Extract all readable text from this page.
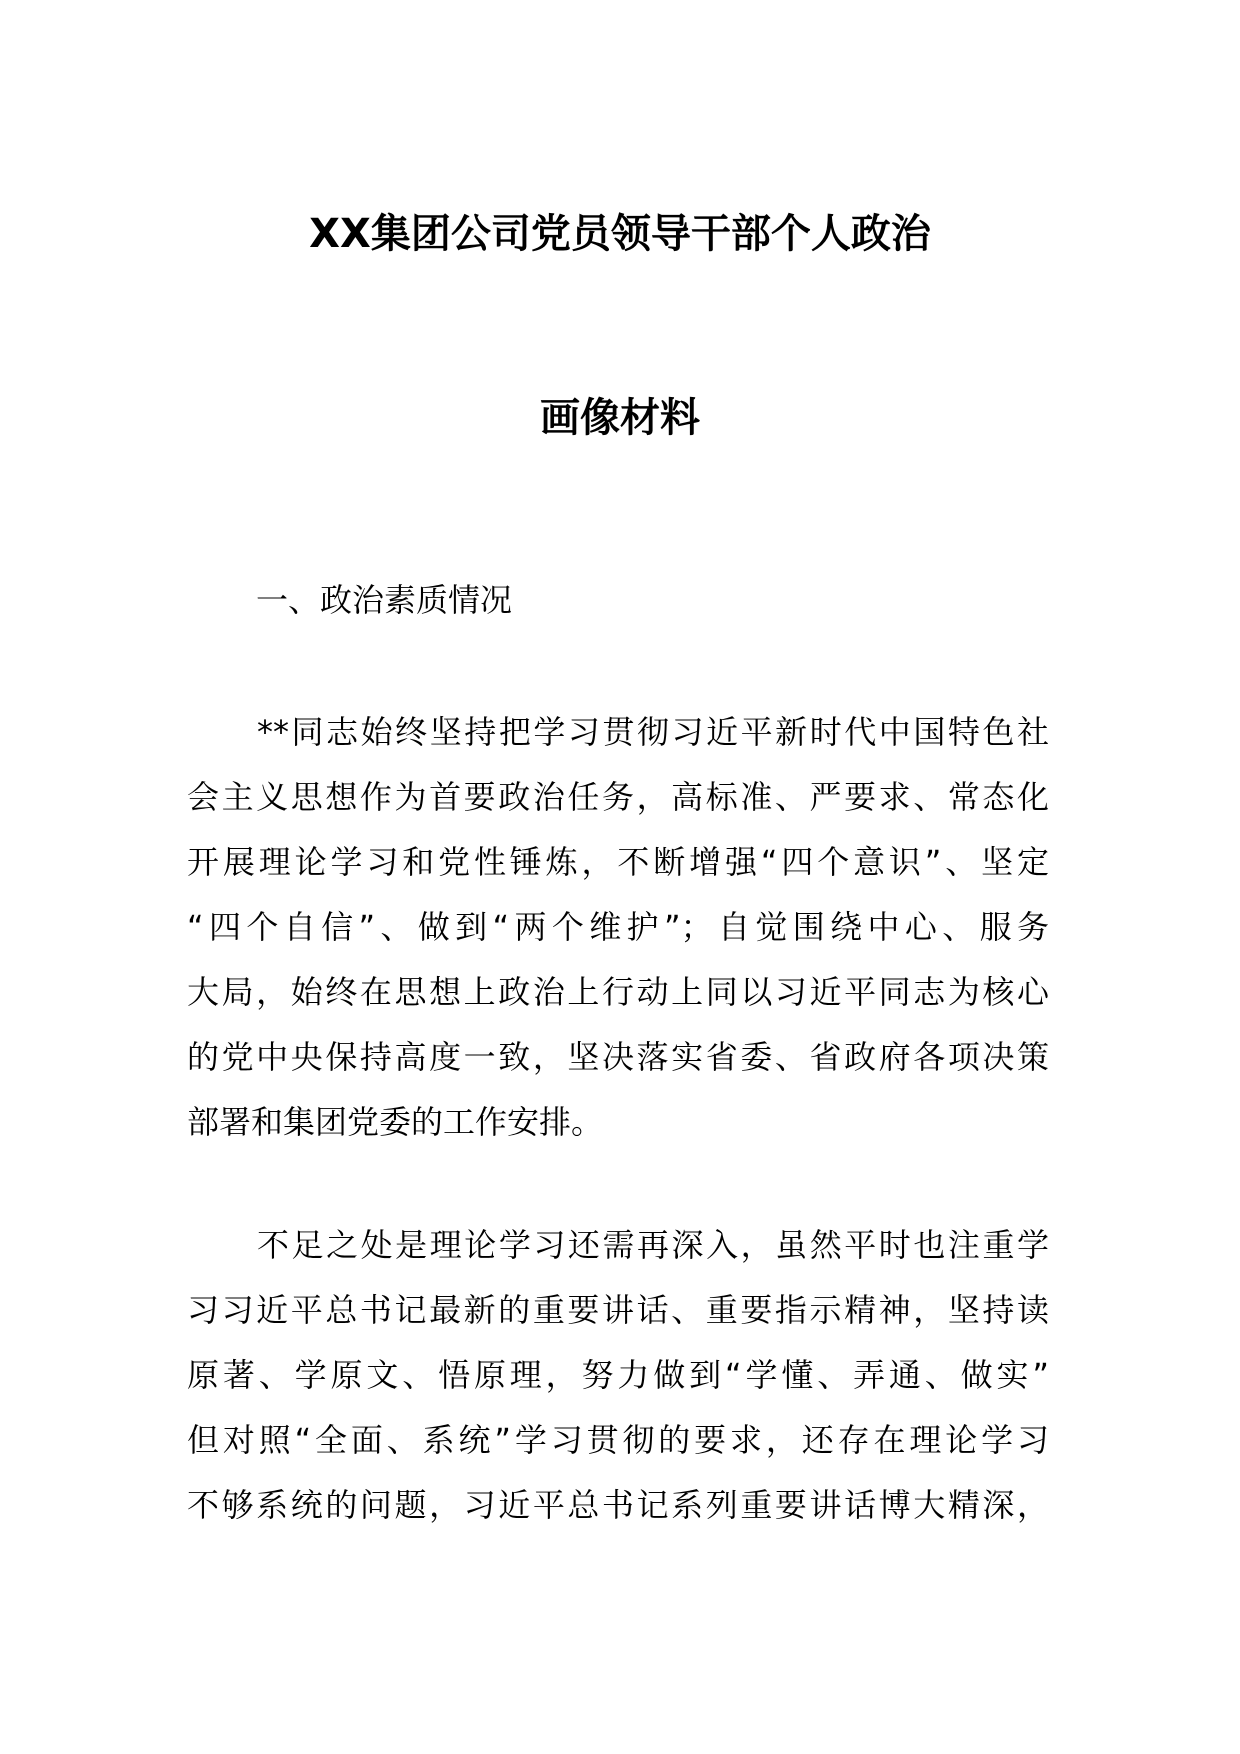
XX集团公司党员领导干部个人政治
画像材料
一、政治素质情况
**同志始终坚持把学习贯彻习近平新时代中国特色社
会主义思想作为首要政治任务，高标准、严要求、常态化
开展理论学习和党性锤炼，不断增强“四个意识”、坚定
“四个自信”、做到“两个维护”；自觉围绕中心、服务
大局，始终在思想上政治上行动上同以习近平同志为核心
的党中央保持高度一致，坚决落实省委、省政府各项决策
部署和集团党委的工作安排。
不足之处是理论学习还需再深入，虽然平时也注重学
习习近平总书记最新的重要讲话、重要指示精神，坚持读
原著、学原文、悟原理，努力做到“学懂、弄通、做实”
但对照“全面、系统”学习贯彻的要求，还存在理论学习
不够系统的问题，习近平总书记系列重要讲话博大精深，
